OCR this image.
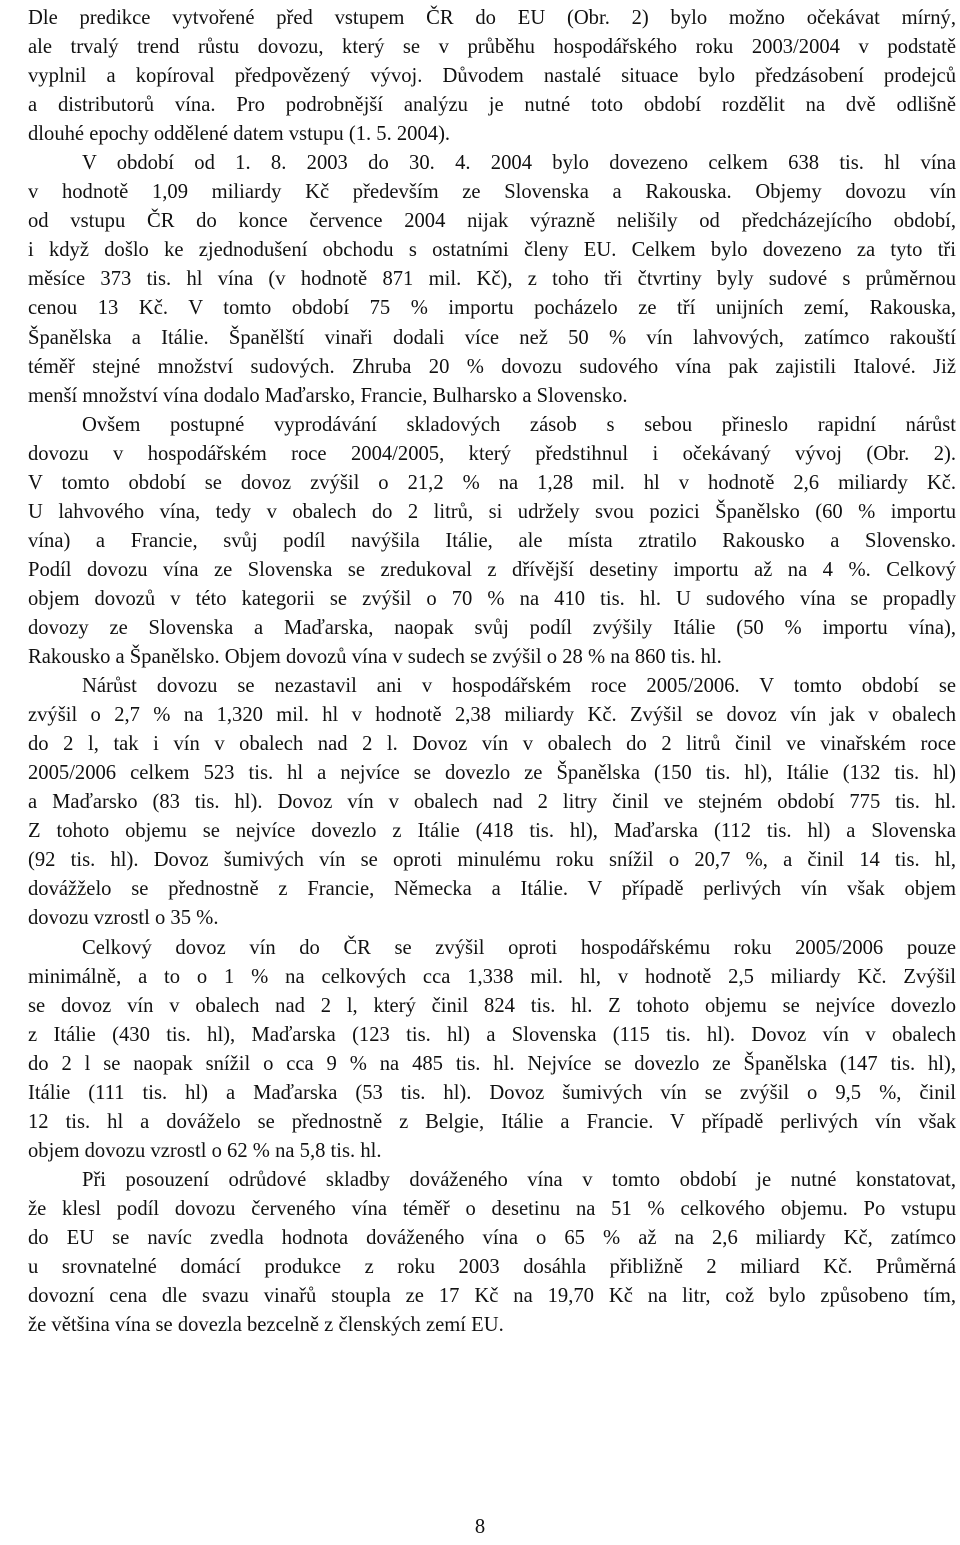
Dle predikce vytvořené před vstupem ČR do EU (Obr. 2) bylo možno očekávat mírný,
ale trvalý trend růstu dovozu, který se v průběhu hospodářského roku 2003/2004 v podstatě
vyplnil a kopíroval předpovězený vývoj. Důvodem nastalé situace bylo předzásobení prodejců
a distributorů vína. Pro podrobnější analýzu je nutné toto období rozdělit na dvě odlišně
dlouhé epochy oddělené datem vstupu (1. 5. 2004).
V období od 1. 8. 2003 do 30. 4. 2004 bylo dovezeno celkem 638 tis. hl vína
v hodnotě 1,09 miliardy Kč především ze Slovenska a Rakouska. Objemy dovozu vín
od vstupu ČR do konce července 2004 nijak výrazně nelišily od předcházejícího období,
i když došlo ke zjednodušení obchodu s ostatními členy EU. Celkem bylo dovezeno za tyto tři
měsíce 373 tis. hl vína (v hodnotě 871 mil. Kč), z toho tři čtvrtiny byly sudové s průměrnou
cenou 13 Kč. V tomto období 75 % importu pocházelo ze tří unijních zemí, Rakouska,
Španělska a Itálie. Španělští vinaři dodali více než 50 % vín lahvových, zatímco rakouští
téměř stejné množství sudových. Zhruba 20 % dovozu sudového vína pak zajistili Italové. Již
menší množství vína dodalo Maďarsko, Francie, Bulharsko a Slovensko.
Ovšem postupné vyprodávání skladových zásob s sebou přineslo rapidní nárůst
dovozu v hospodářském roce 2004/2005, který předstihnul i očekávaný vývoj (Obr. 2).
V tomto období se dovoz zvýšil o 21,2 % na 1,28 mil. hl v hodnotě 2,6 miliardy Kč.
U lahvového vína, tedy v obalech do 2 litrů, si udržely svou pozici Španělsko (60 % importu
vína) a Francie, svůj podíl navýšila Itálie, ale místa ztratilo Rakousko a Slovensko.
Podíl dovozu vína ze Slovenska se zredukoval z dřívější desetiny importu až na 4 %. Celkový
objem dovozů v této kategorii se zvýšil o 70 % na 410 tis. hl. U sudového vína se propadly
dovozy ze Slovenska a Maďarska, naopak svůj podíl zvýšily Itálie (50 % importu vína),
Rakousko a Španělsko. Objem dovozů vína v sudech se zvýšil o 28 % na 860 tis. hl.
Nárůst dovozu se nezastavil ani v hospodářském roce 2005/2006. V tomto období se
zvýšil o 2,7 % na 1,320 mil. hl v hodnotě 2,38 miliardy Kč. Zvýšil se dovoz vín jak v obalech
do 2 l, tak i vín v obalech nad 2 l. Dovoz vín v obalech do 2 litrů činil ve vinařském roce
2005/2006 celkem 523 tis. hl a nejvíce se dovezlo ze Španělska (150 tis. hl), Itálie (132 tis. hl)
a Maďarsko (83 tis. hl). Dovoz vín v obalech nad 2 litry činil ve stejném období 775 tis. hl.
Z tohoto objemu se nejvíce dovezlo z Itálie (418 tis. hl), Maďarska (112 tis. hl) a Slovenska
(92 tis. hl). Dovoz šumivých vín se oproti minulému roku snížil o 20,7 %, a činil 14 tis. hl,
dovážželo se přednostně z Francie, Německa a Itálie. V případě perlivých vín však objem
dovozu vzrostl o 35 %.
Celkový dovoz vín do ČR se zvýšil oproti hospodářskému roku 2005/2006 pouze
minimálně, a to o 1 % na celkových cca 1,338 mil. hl, v hodnotě 2,5 miliardy Kč. Zvýšil
se dovoz vín v obalech nad 2 l, který činil 824 tis. hl. Z tohoto objemu se nejvíce dovezlo
z Itálie (430 tis. hl), Maďarska (123 tis. hl) a Slovenska (115 tis. hl). Dovoz vín v obalech
do 2 l se naopak snížil o cca 9 % na 485 tis. hl. Nejvíce se dovezlo ze Španělska (147 tis. hl),
Itálie (111 tis. hl) a Maďarska (53 tis. hl). Dovoz šumivých vín se zvýšil o 9,5 %, činil
12 tis. hl a dováželo se přednostně z Belgie, Itálie a Francie. V případě perlivých vín však
objem dovozu vzrostl o 62 % na 5,8 tis. hl.
Při posouzení odrůdové skladby dováženého vína v tomto období je nutné konstatovat,
že klesl podíl dovozu červeného vína téměř o desetinu na 51 % celkového objemu. Po vstupu
do EU se navíc zvedla hodnota dováženého vína o 65 % až na 2,6 miliardy Kč, zatímco
u srovnatelné domácí produkce z roku 2003 dosáhla přibližně 2 miliard Kč. Průměrná
dovozní cena dle svazu vinařů stoupla ze 17 Kč na 19,70 Kč na litr, což bylo způsobeno tím,
že většina vína se dovezla bezcelně z členských zemí EU.
8
